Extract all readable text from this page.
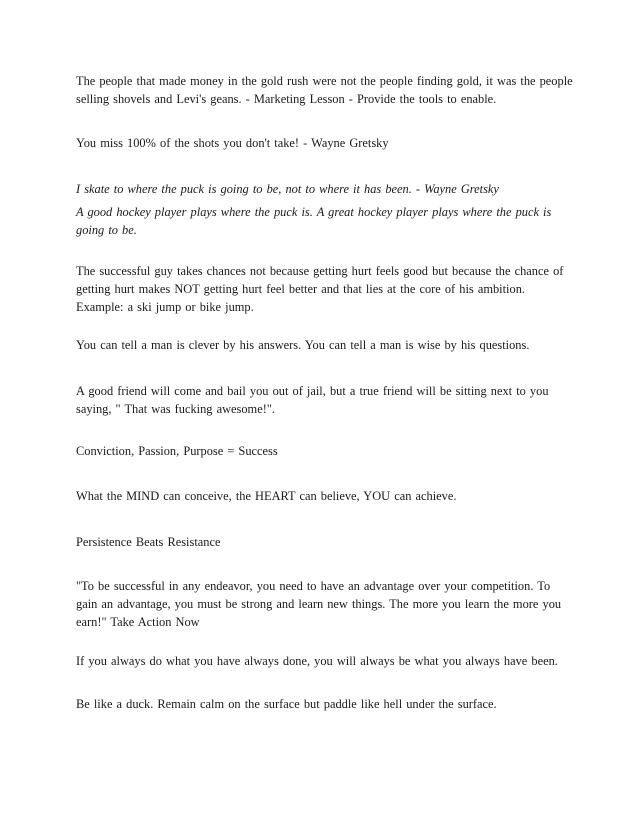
The people that made money in the gold rush were not the people finding gold, it was the people
selling shovels and Levi's geans. - Marketing Lesson - Provide the tools to enable.

You miss 100% of the shots you don't take! - Wayne Gretsky

I skate to where the puck is going to be, not to where it has been. - Wayne Gretsky

A good hockey player plays where the puck is. A great hockey player plays where the puck is
going to be.

The successful guy takes chances not because getting hurt feels good but because the chance of
getting hurt makes NOT getting hurt feel better and that lies at the core of his ambition.
Example: a ski jump or bike jump.

You can tell a man is clever by his answers. You can tell a man is wise by his questions.

A good friend will come and bail you out of jail, but a true friend will be sitting next to you
saying, " That was fucking awesome!".

Conviction, Passion, Purpose = Success

What the MIND can conceive, the HEART can believe, YOU can achieve.

Persistence Beats Resistance

"To be successful in any endeavor, you need to have an advantage over your competition. To
gain an advantage, you must be strong and learn new things. The more you learn the more you
earn!" Take Action Now

If you always do what you have always done, you will always be what you always have been.

Be like a duck. Remain calm on the surface but paddle like hell under the surface.
